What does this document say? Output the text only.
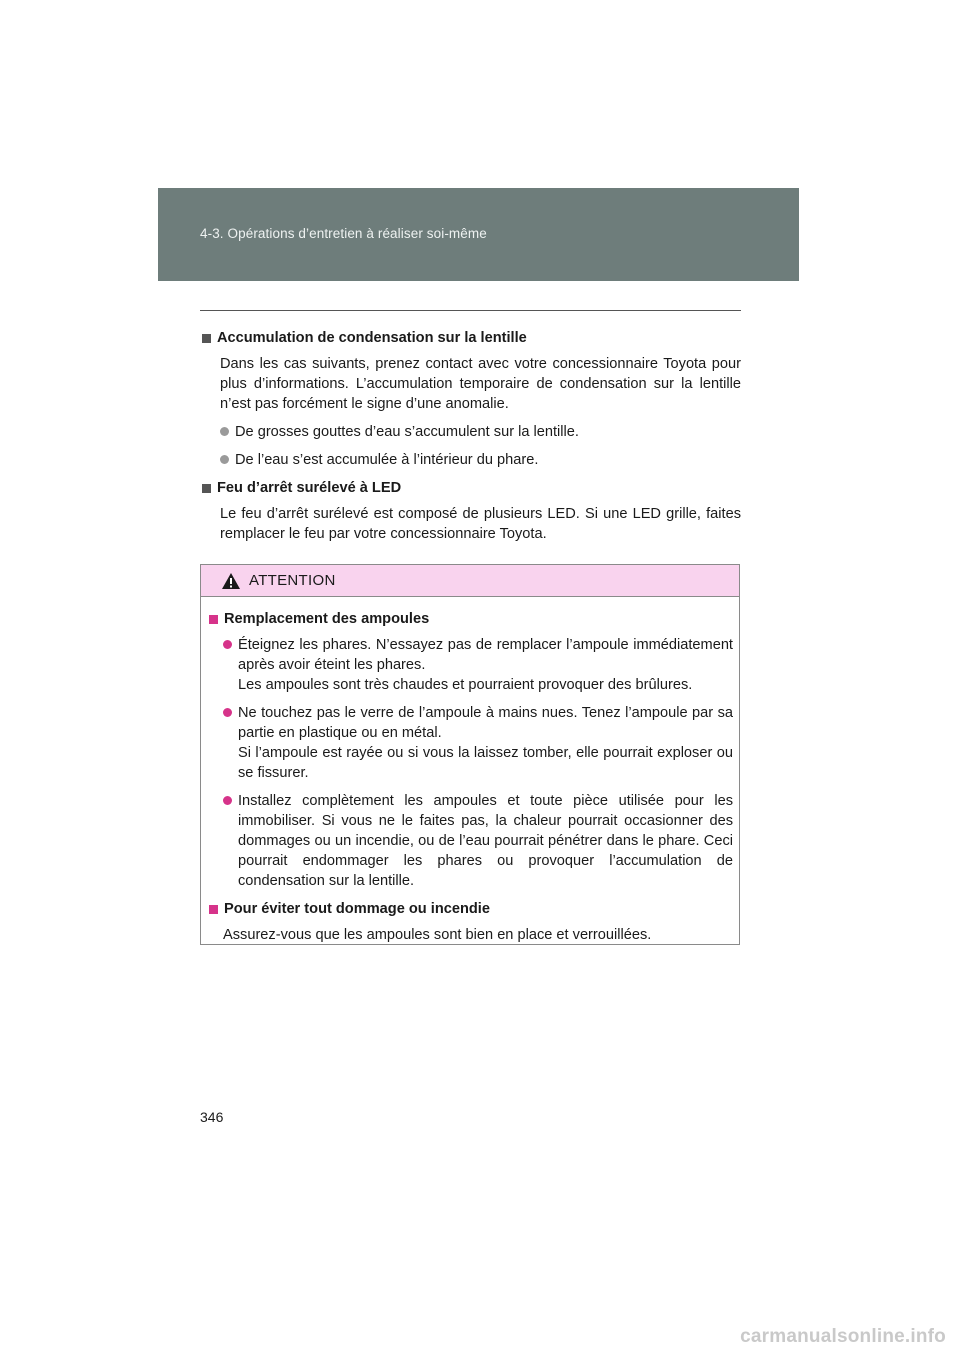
4-3. Opérations d’entretien à réaliser soi-même
Accumulation de condensation sur la lentille
Dans les cas suivants, prenez contact avec votre concessionnaire Toyota pour plus d’informations. L’accumulation temporaire de condensation sur la lentille n’est pas forcément le signe d’une anomalie.
De grosses gouttes d’eau s’accumulent sur la lentille.
De l’eau s’est accumulée à l’intérieur du phare.
Feu d’arrêt surélevé à LED
Le feu d’arrêt surélevé est composé de plusieurs LED. Si une LED grille, faites remplacer le feu par votre concessionnaire Toyota.
ATTENTION
Remplacement des ampoules
Éteignez les phares. N’essayez pas de remplacer l’ampoule immédiatement après avoir éteint les phares.
Les ampoules sont très chaudes et pourraient provoquer des brûlures.
Ne touchez pas le verre de l’ampoule à mains nues. Tenez l’ampoule par sa partie en plastique ou en métal.
Si l’ampoule est rayée ou si vous la laissez tomber, elle pourrait exploser ou se fissurer.
Installez complètement les ampoules et toute pièce utilisée pour les immobiliser. Si vous ne le faites pas, la chaleur pourrait occasionner des dommages ou un incendie, ou de l’eau pourrait pénétrer dans le phare. Ceci pourrait endommager les phares ou provoquer l’accumulation de condensation sur la lentille.
Pour éviter tout dommage ou incendie
Assurez-vous que les ampoules sont bien en place et verrouillées.
346
carmanualsonline.info
